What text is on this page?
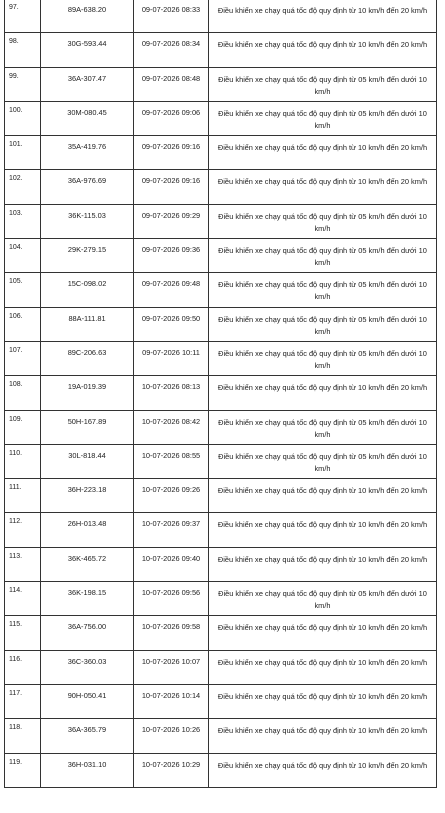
97.	89A-638.20	09-07-2026 08:33	Điều khiển xe chạy quá tốc độ quy định từ 10 km/h đến 20 km/h

98.	30G-593.44	09-07-2026 08:34	Điều khiển xe chạy quá tốc độ quy định từ 10 km/h đến 20 km/h

99.	36A-307.47	09-07-2026 08:48	Điều khiển xe chạy quá tốc độ quy định từ 05 km/h đến dưới 10 km/h

100.	30M-080.45	09-07-2026 09:06	Điều khiển xe chạy quá tốc độ quy định từ 05 km/h đến dưới 10 km/h

101.	35A-419.76	09-07-2026 09:16	Điều khiển xe chạy quá tốc độ quy định từ 10 km/h đến 20 km/h

102.	36A-976.69	09-07-2026 09:16	Điều khiển xe chạy quá tốc độ quy định từ 10 km/h đến 20 km/h

103.	36K-115.03	09-07-2026 09:29	Điều khiển xe chạy quá tốc độ quy định từ 05 km/h đến dưới 10 km/h

104.	29K-279.15	09-07-2026 09:36	Điều khiển xe chạy quá tốc độ quy định từ 05 km/h đến dưới 10 km/h

105.	15C-098.02	09-07-2026 09:48	Điều khiển xe chạy quá tốc độ quy định từ 05 km/h đến dưới 10 km/h

106.	88A-111.81	09-07-2026 09:50	Điều khiển xe chạy quá tốc độ quy định từ 05 km/h đến dưới 10 km/h

107.	89C-206.63	09-07-2026 10:11	Điều khiển xe chạy quá tốc độ quy định từ 05 km/h đến dưới 10 km/h

108.	19A-019.39	10-07-2026 08:13	Điều khiển xe chạy quá tốc độ quy định từ 10 km/h đến 20 km/h

109.	50H-167.89	10-07-2026 08:42	Điều khiển xe chạy quá tốc độ quy định từ 05 km/h đến dưới 10 km/h

110.	30L-818.44	10-07-2026 08:55	Điều khiển xe chạy quá tốc độ quy định từ 05 km/h đến dưới 10 km/h

111.	36H-223.18	10-07-2026 09:26	Điều khiển xe chạy quá tốc độ quy định từ 10 km/h đến 20 km/h

112.	26H-013.48	10-07-2026 09:37	Điều khiển xe chạy quá tốc độ quy định từ 10 km/h đến 20 km/h

113.	36K-465.72	10-07-2026 09:40	Điều khiển xe chạy quá tốc độ quy định từ 10 km/h đến 20 km/h

114.	36K-198.15	10-07-2026 09:56	Điều khiển xe chạy quá tốc độ quy định từ 05 km/h đến dưới 10 km/h

115.	36A-756.00	10-07-2026 09:58	Điều khiển xe chạy quá tốc độ quy định từ 10 km/h đến 20 km/h

116.	36C-360.03	10-07-2026 10:07	Điều khiển xe chạy quá tốc độ quy định từ 10 km/h đến 20 km/h

117.	90H-050.41	10-07-2026 10:14	Điều khiển xe chạy quá tốc độ quy định từ 10 km/h đến 20 km/h

118.	36A-365.79	10-07-2026 10:26	Điều khiển xe chạy quá tốc độ quy định từ 10 km/h đến 20 km/h

119.	36H-031.10	10-07-2026 10:29	Điều khiển xe chạy quá tốc độ quy định từ 10 km/h đến 20 km/h
